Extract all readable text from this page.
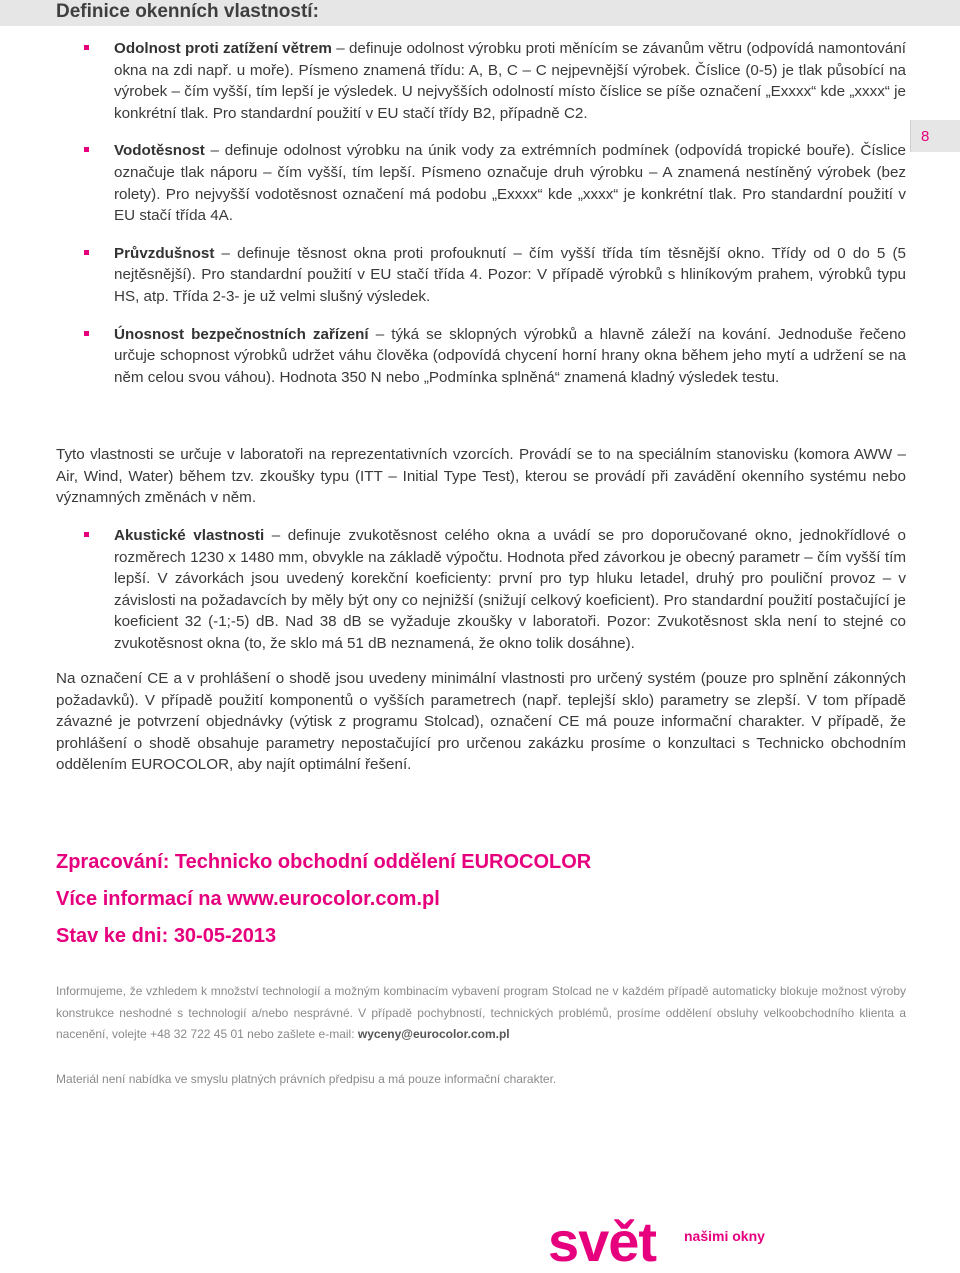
Definice okenních vlastností:
8
Odolnost proti zatížení větrem – definuje odolnost výrobku proti měnícím se závanům větru (odpovídá namontování okna na zdi např. u moře). Písmeno znamená třídu: A, B, C – C nejpevnější výrobek. Číslice (0-5) je tlak působící na výrobek – čím vyšší, tím lepší je výsledek. U nejvyšších odolností místo číslice se píše označení „Exxxx“ kde „xxxx“ je konkrétní tlak. Pro standardní použití v EU stačí třídy B2, případně C2.
Vodotěsnost – definuje odolnost výrobku na únik vody za extrémních podmínek (odpovídá tropické bouře). Číslice označuje tlak náporu – čím vyšší, tím lepší. Písmeno označuje druh výrobku – A znamená nestíněný výrobek (bez rolety). Pro nejvyšší vodotěsnost označení má podobu „Exxxx“ kde „xxxx“ je konkrétní tlak. Pro standardní použití v EU stačí třída 4A.
Průvzdušnost – definuje těsnost okna proti profouknutí – čím vyšší třída tím těsnější okno. Třídy od 0 do 5 (5 nejtěsnější). Pro standardní použití v EU stačí třída 4. Pozor: V případě výrobků s hliníkovým prahem, výrobků typu HS, atp. Třída 2-3- je už velmi slušný výsledek.
Únosnost bezpečnostních zařízení – týká se sklopných výrobků a hlavně záleží na kování. Jednoduše řečeno určuje schopnost výrobků udržet váhu člověka (odpovídá chycení horní hrany okna během jeho mytí a udržení se na něm celou svou váhou). Hodnota 350 N nebo „Podmínka splněná“ znamená kladný výsledek testu.

Tyto vlastnosti se určuje v laboratoři na reprezentativních vzorcích. Provádí se to na speciálním stanovisku (komora AWW – Air, Wind, Water) během tzv. zkoušky typu (ITT – Initial Type Test), kterou se provádí při zavádění okenního systému nebo významných změnách v něm.

Akustické vlastnosti – definuje zvukotěsnost celého okna a uvádí se pro doporučované okno, jednokřídlové o rozměrech 1230 x 1480 mm, obvykle na základě výpočtu. Hodnota před závorkou je obecný parametr – čím vyšší tím lepší. V závorkách jsou uvedený korekční koeficienty: první pro typ hluku letadel, druhý pro pouliční provoz – v závislosti na požadavcích by měly být ony co nejnižší (snižují celkový koeficient). Pro standardní použití postačující je koeficient 32 (-1;-5) dB. Nad 38 dB se vyžaduje zkoušky v laboratoři. Pozor: Zvukotěsnost skla není to stejné co zvukotěsnost okna (to, že sklo má 51 dB neznamená, že okno tolik dosáhne).

Na označení CE a v prohlášení o shodě jsou uvedeny minimální vlastnosti pro určený systém (pouze pro splnění zákonných požadavků). V případě použití komponentů o vyšších parametrech (např. teplejší sklo) parametry se zlepší. V tom případě závazné je potvrzení objednávky (výtisk z programu Stolcad), označení CE má pouze informační charakter. V případě, že prohlášení o shodě obsahuje parametry nepostačující pro určenou zakázku prosíme o konzultaci s Technicko obchodním oddělením EUROCOLOR, aby najít optimální řešení.

Zpracování: Technicko obchodní oddělení EUROCOLOR

Více informací na www.eurocolor.com.pl

Stav ke dni: 30-05-2013

Informujeme, že vzhledem k množství technologií a možným kombinacím vybavení program Stolcad ne v každém případě automaticky blokuje možnost výroby konstrukce neshodné s technologií a/nebo nesprávné. V případě pochybností, technických problémů, prosíme oddělení obsluhy velkoobchodního klienta a nacenění, volejte +48 32 722 45 01 nebo zašlete e-mail: wyceny@eurocolor.com.pl

Materiál není nabídka ve smyslu platných právních předpisu a má pouze informační charakter.

svět našimi okny
